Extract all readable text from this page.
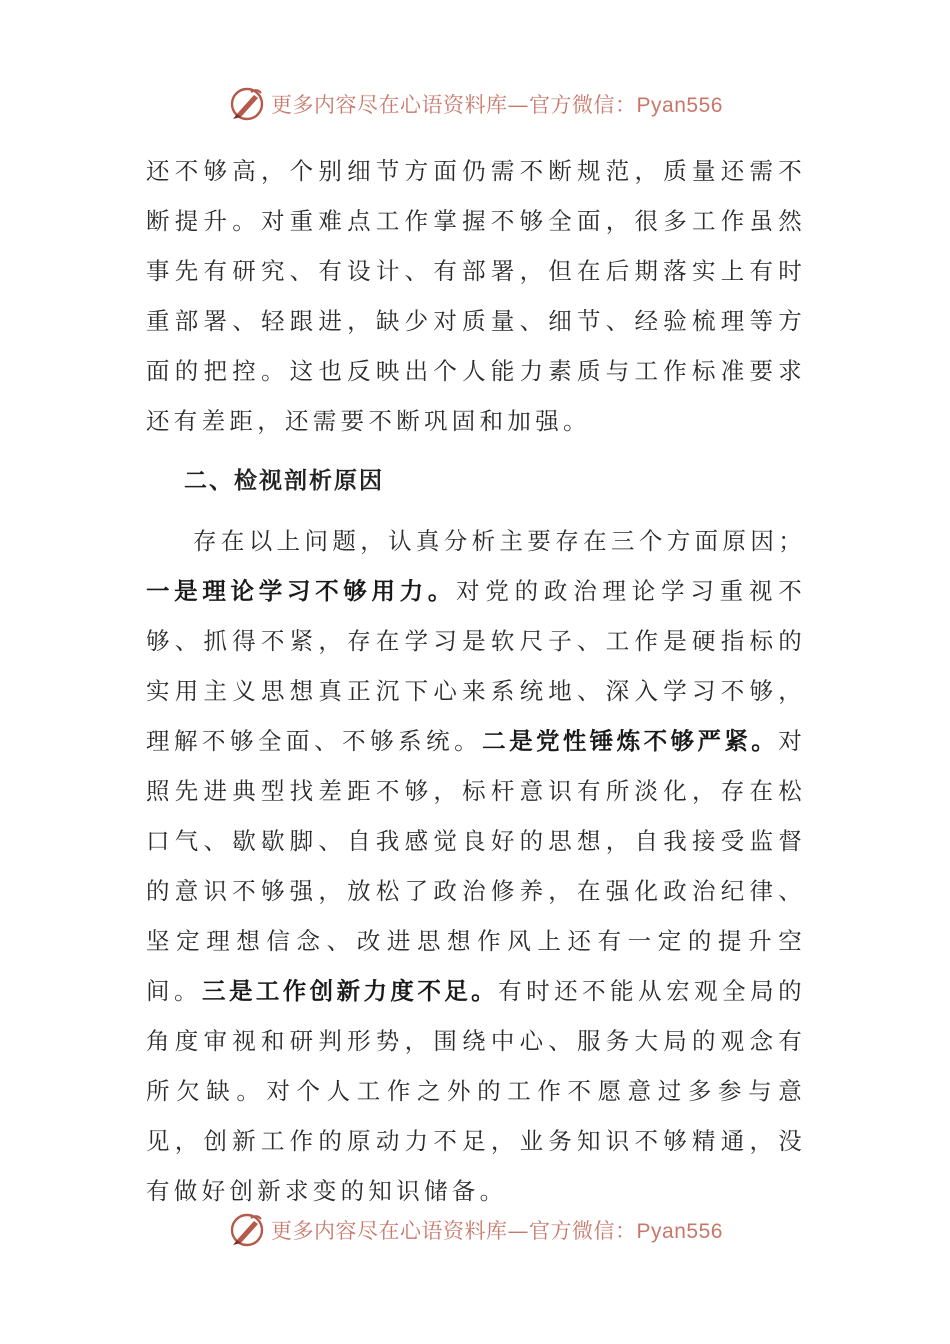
更多内容尽在心语资料库—官方微信：Pyan556

还不够高，个别细节方面仍需不断规范，质量还需不断提升。对重难点工作掌握不够全面，很多工作虽然事先有研究、有设计、有部署，但在后期落实上有时重部署、轻跟进，缺少对质量、细节、经验梳理等方面的把控。这也反映出个人能力素质与工作标准要求还有差距，还需要不断巩固和加强。

二、检视剖析原因

存在以上问题，认真分析主要存在三个方面原因；一是理论学习不够用力。对党的政治理论学习重视不够、抓得不紧，存在学习是软尺子、工作是硬指标的实用主义思想真正沉下心来系统地、深入学习不够，理解不够全面、不够系统。二是党性锤炼不够严紧。对照先进典型找差距不够，标杆意识有所淡化，存在松口气、歇歇脚、自我感觉良好的思想，自我接受监督的意识不够强，放松了政治修养，在强化政治纪律、坚定理想信念、改进思想作风上还有一定的提升空间。三是工作创新力度不足。有时还不能从宏观全局的角度审视和研判形势，围绕中心、服务大局的观念有所欠缺。对个人工作之外的工作不愿意过多参与意见，创新工作的原动力不足，业务知识不够精通，没有做好创新求变的知识储备。

更多内容尽在心语资料库—官方微信：Pyan556
